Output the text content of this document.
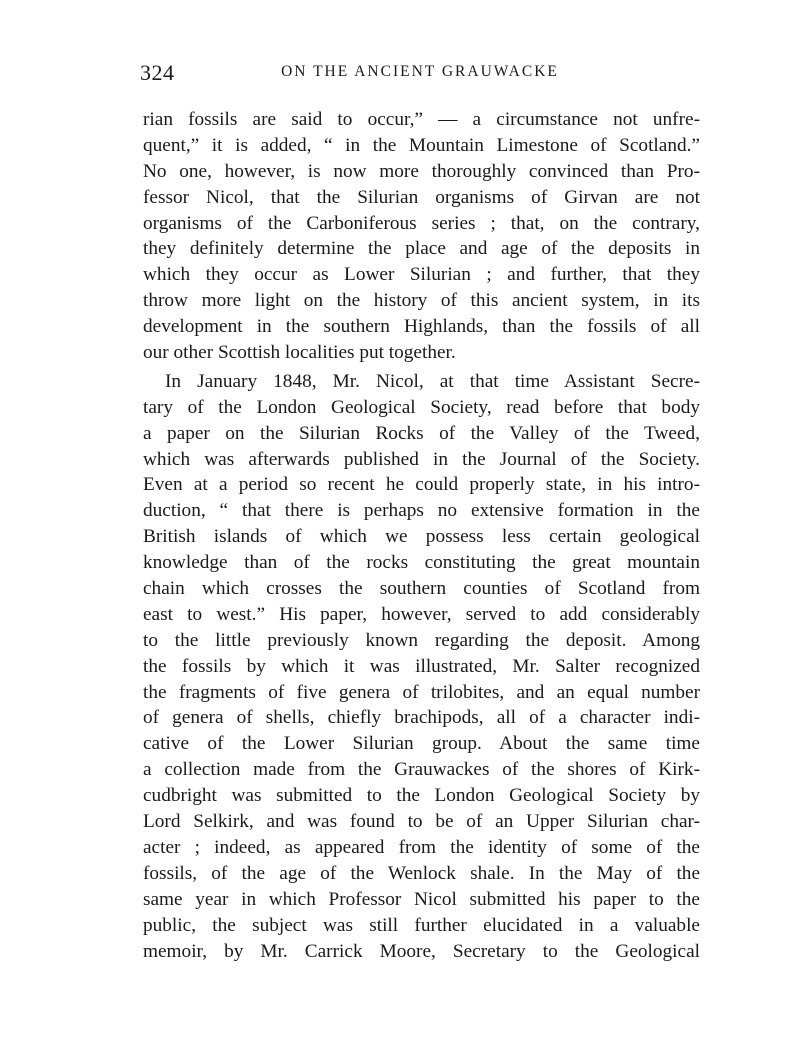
324	ON THE ANCIENT GRAUWACKE
rian fossils are said to occur,” — a circumstance not unfre-
quent,” it is added, “ in the Mountain Limestone of Scotland.”
No one, however, is now more thoroughly convinced than Pro-
fessor Nicol, that the Silurian organisms of Girvan are not
organisms of the Carboniferous series ; that, on the contrary,
they definitely determine the place and age of the deposits in
which they occur as Lower Silurian ; and further, that they
throw more light on the history of this ancient system, in its
development in the southern Highlands, than the fossils of all
our other Scottish localities put together.
In January 1848, Mr. Nicol, at that time Assistant Secre-
tary of the London Geological Society, read before that body
a paper on the Silurian Rocks of the Valley of the Tweed,
which was afterwards published in the Journal of the Society.
Even at a period so recent he could properly state, in his intro-
duction, “ that there is perhaps no extensive formation in the
British islands of which we possess less certain geological
knowledge than of the rocks constituting the great mountain
chain which crosses the southern counties of Scotland from
east to west.” His paper, however, served to add considerably
to the little previously known regarding the deposit. Among
the fossils by which it was illustrated, Mr. Salter recognized
the fragments of five genera of trilobites, and an equal number
of genera of shells, chiefly brachipods, all of a character indi-
cative of the Lower Silurian group. About the same time
a collection made from the Grauwackes of the shores of Kirk-
cudbright was submitted to the London Geological Society by
Lord Selkirk, and was found to be of an Upper Silurian char-
acter ; indeed, as appeared from the identity of some of the
fossils, of the age of the Wenlock shale. In the May of the
same year in which Professor Nicol submitted his paper to the
public, the subject was still further elucidated in a valuable
memoir, by Mr. Carrick Moore, Secretary to the Geological
